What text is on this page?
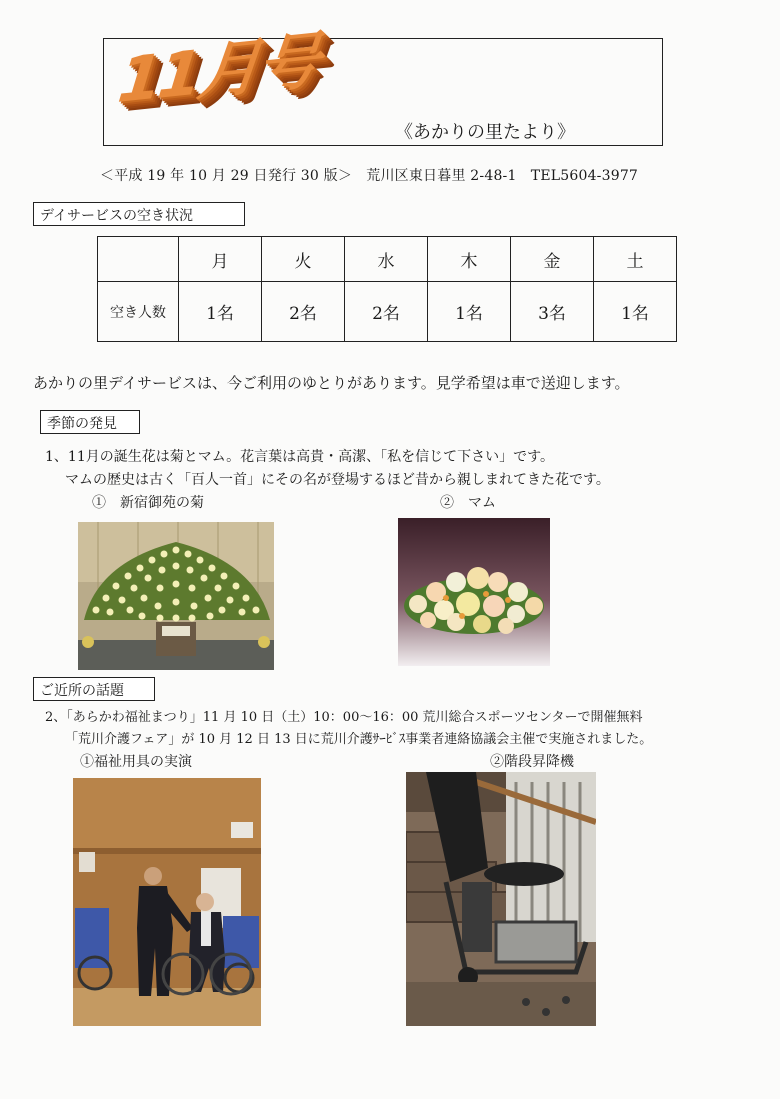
11月号
《あかりの里たより》
＜平成 19 年 10 月 29 日発行 30 版＞　荒川区東日暮里 2-48-1　TEL5604-3977
デイサービスの空き状況
	月	火	水	木	金	土
空き人数	1名	2名	2名	1名	3名	1名
あかりの里デイサービスは、今ご利用のゆとりがあります。見学希望は車で送迎します。
季節の発見
1、11月の誕生花は菊とマム。花言葉は高貴・高潔、「私を信じて下さい」です。
マムの歴史は古く「百人一首」にその名が登場するほど昔から親しまれてきた花です。
①　新宿御苑の菊	②　マム
ご近所の話題
2、「あらかわ福祉まつり」11 月 10 日（土）10：00～16：00 荒川総合スポーツセンターで開催無料
「荒川介護フェア」が 10 月 12 日 13 日に荒川介護ｻｰﾋﾞｽ事業者連絡協議会主催で実施されました。
①福祉用具の実演	②階段昇降機
